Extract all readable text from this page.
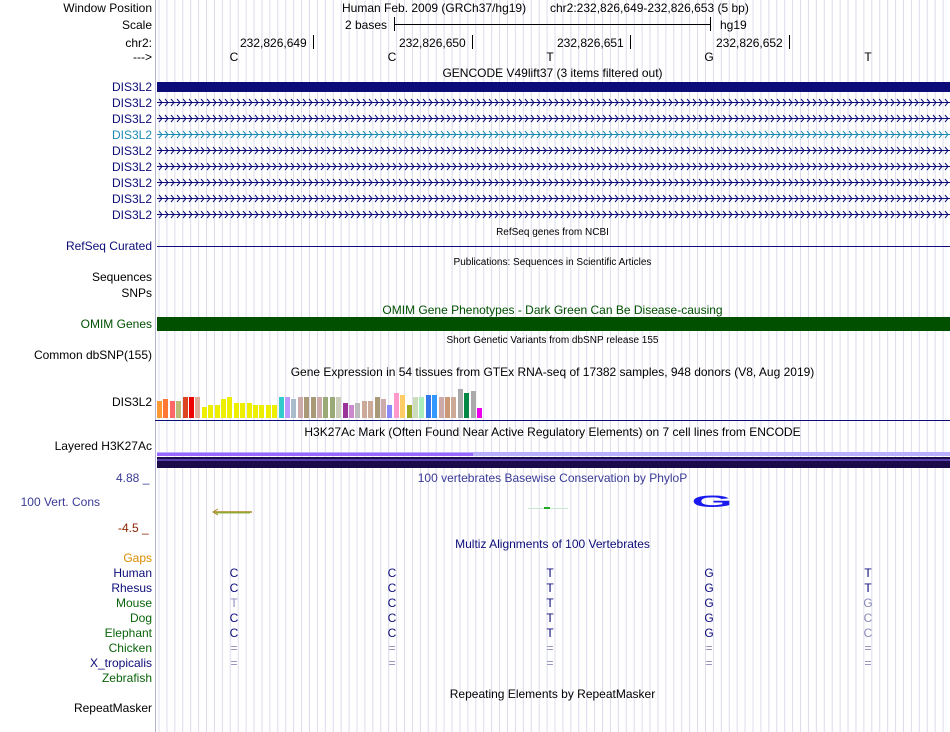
Window Position	Human Feb. 2009 (GRCh37/hg19) chr2:232,826,649-232,826,653 (5 bp)
Scale	2 bases	hg19
chr2:	232,826,649	232,826,650	232,826,651	232,826,652
--->	C	C	T	G	T
GENCODE V49lift37 (3 items filtered out)
DIS3L2
DIS3L2
DIS3L2
DIS3L2
DIS3L2
DIS3L2
DIS3L2
DIS3L2
DIS3L2
RefSeq genes from NCBI
RefSeq Curated
Publications: Sequences in Scientific Articles
Sequences
SNPs
OMIM Gene Phenotypes - Dark Green Can Be Disease-causing
OMIM Genes
Short Genetic Variants from dbSNP release 155
Common dbSNP(155)
Gene Expression in 54 tissues from GTEx RNA-seq of 17382 samples, 948 donors (V8, Aug 2019)
DIS3L2
H3K27Ac Mark (Often Found Near Active Regulatory Elements) on 7 cell lines from ENCODE
Layered H3K27Ac
4.88 _	100 vertebrates Basewise Conservation by PhyloP
100 Vert. Cons
-4.5 _
G
Gaps
Multiz Alignments of 100 Vertebrates
Human	C	C	T	G	T
Rhesus	C	C	T	G	T
Mouse	T	C	T	G	G
Dog	C	C	T	G	C
Elephant	C	C	T	G	C
Chicken	=	=	=	=	=
X_tropicalis	=	=	=	=	=
Zebrafish
Repeating Elements by RepeatMasker
RepeatMasker
